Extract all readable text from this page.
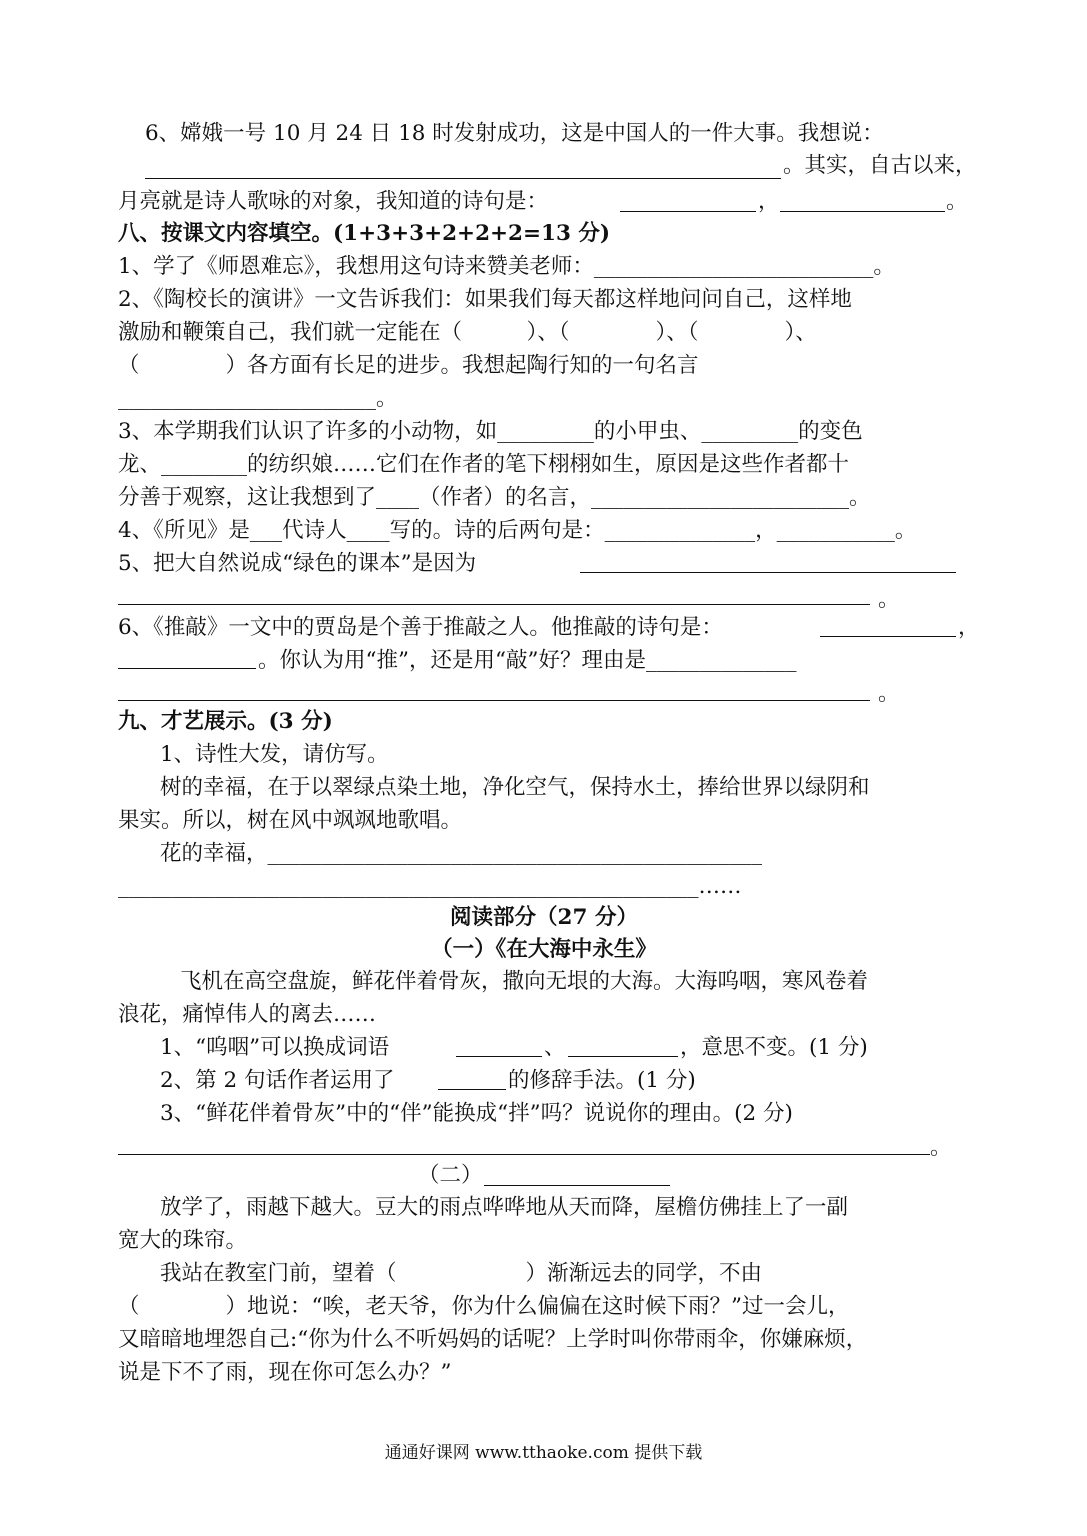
6、嫦娥一号 10 月 24 日 18 时发射成功，这是中国人的一件大事。我想说：
。其实，自古以来，
月亮就是诗人歌咏的对象，我知道的诗句是：	，	。
八、按课文内容填空。(1+3+3+2+2+2=13 分)
1、学了《师恩难忘》，我想用这句诗来赞美老师：__________________________。
2、《陶校长的演讲》一文告诉我们：如果我们每天都这样地问问自己，这样地
激励和鞭策自己，我们就一定能在（　　　）、（　　　　）、（　　　　）、
（　　　　）各方面有长足的进步。我想起陶行知的一句名言
________________________。
3、本学期我们认识了许多的小动物，如_________的小甲虫、_________的变色
龙、________的纺织娘……它们在作者的笔下栩栩如生，原因是这些作者都十
分善于观察，这让我想到了____（作者）的名言，________________________。
4、《所见》是___代诗人____写的。诗的后两句是：______________，___________。
5、把大自然说成“绿色的课本”是因为
。
6、《推敲》一文中的贾岛是个善于推敲之人。他推敲的诗句是：	，
。你认为用“推”，还是用“敲”好？理由是______________
。
九、才艺展示。(3 分)
1、诗性大发，请仿写。
树的幸福，在于以翠绿点染土地，净化空气，保持水土，捧给世界以绿阴和
果实。所以，树在风中飒飒地歌唱。
花的幸福，______________________________________________
______________________________________________________……
阅读部分（27 分）
（一）《在大海中永生》
飞机在高空盘旋，鲜花伴着骨灰，撒向无垠的大海。大海呜咽，寒风卷着
浪花，痛悼伟人的离去……
1、“呜咽”可以换成词语	、	，意思不变。(1 分)
2、第 2 句话作者运用了	的修辞手法。(1 分)
3、“鲜花伴着骨灰”中的“伴”能换成“拌”吗？说说你的理由。(2 分)
。
（二）
放学了，雨越下越大。豆大的雨点哗哗地从天而降，屋檐仿佛挂上了一副
宽大的珠帘。
我站在教室门前，望着（　　　　　　）渐渐远去的同学，不由
（　　　　）地说：“唉，老天爷，你为什么偏偏在这时候下雨？”过一会儿，
又暗暗地埋怨自己:“你为什么不听妈妈的话呢？上学时叫你带雨伞，你嫌麻烦，
说是下不了雨，现在你可怎么办？”
通通好课网 www.tthaoke.com 提供下载
